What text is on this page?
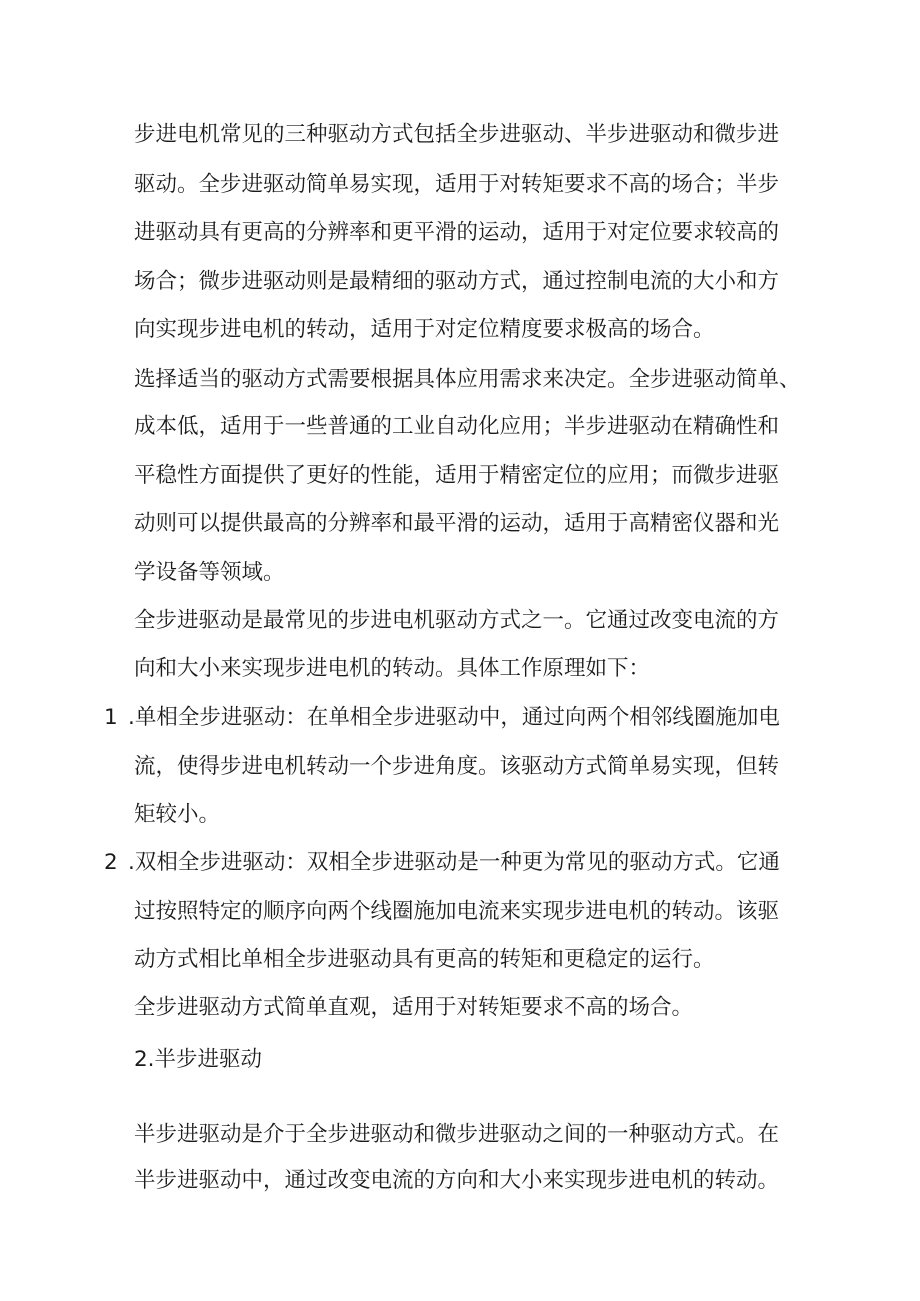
步进电机常见的三种驱动方式包括全步进驱动、半步进驱动和微步进
驱动。全步进驱动简单易实现，适用于对转矩要求不高的场合；半步
进驱动具有更高的分辨率和更平滑的运动，适用于对定位要求较高的
场合；微步进驱动则是最精细的驱动方式，通过控制电流的大小和方
向实现步进电机的转动，适用于对定位精度要求极高的场合。
选择适当的驱动方式需要根据具体应用需求来决定。全步进驱动简单、
成本低，适用于一些普通的工业自动化应用；半步进驱动在精确性和
平稳性方面提供了更好的性能，适用于精密定位的应用；而微步进驱
动则可以提供最高的分辨率和最平滑的运动，适用于高精密仪器和光
学设备等领域。
全步进驱动是最常见的步进电机驱动方式之一。它通过改变电流的方
向和大小来实现步进电机的转动。具体工作原理如下：
1 .单相全步进驱动：在单相全步进驱动中，通过向两个相邻线圈施加电
流，使得步进电机转动一个步进角度。该驱动方式简单易实现，但转
矩较小。
2 .双相全步进驱动：双相全步进驱动是一种更为常见的驱动方式。它通
过按照特定的顺序向两个线圈施加电流来实现步进电机的转动。该驱
动方式相比单相全步进驱动具有更高的转矩和更稳定的运行。
全步进驱动方式简单直观，适用于对转矩要求不高的场合。
2.半步进驱动
半步进驱动是介于全步进驱动和微步进驱动之间的一种驱动方式。在
半步进驱动中，通过改变电流的方向和大小来实现步进电机的转动。
